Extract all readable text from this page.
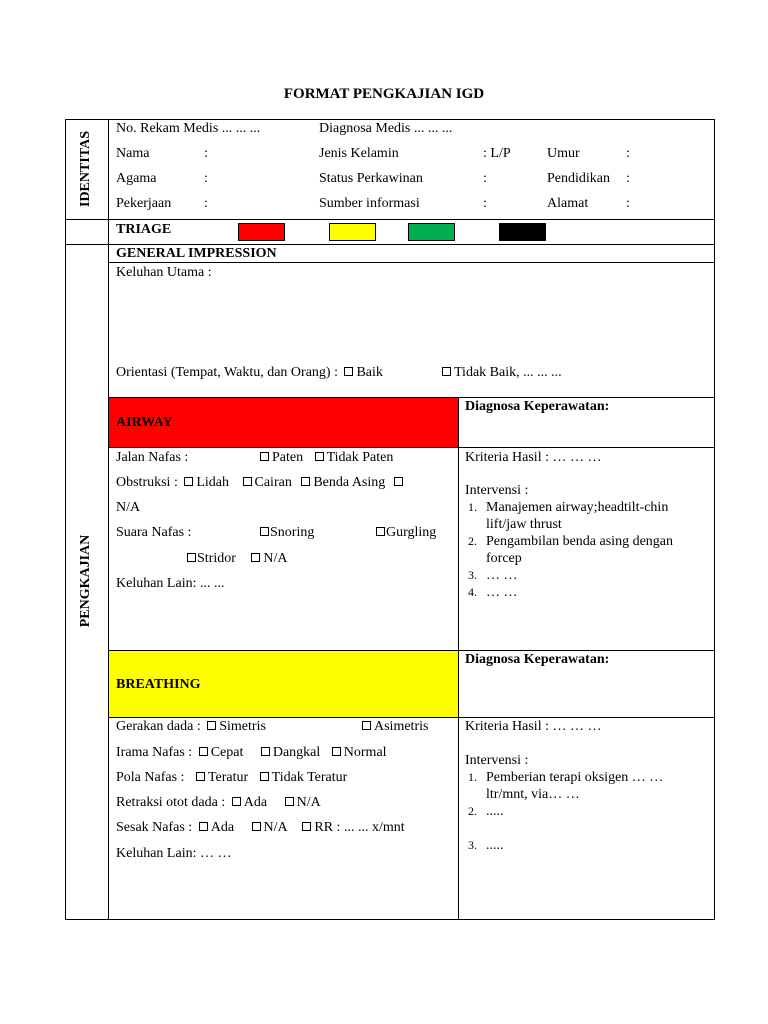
FORMAT PENGKAJIAN IGD
IDENTITAS
PENGKAJIAN
No. Rekam Medis ... ... ...	Diagnosa Medis ... ... ...
Nama	:	Jenis Kelamin	: L/P	Umur	:
Agama	:	Status Perkawinan	:	Pendidikan :
Pekerjaan :	Sumber informasi	:	Alamat	:
TRIAGE
GENERAL IMPRESSION
Keluhan Utama :
Orientasi (Tempat, Waktu, dan Orang) : Baik	Tidak Baik, ... ... ...
AIRWAY
Diagnosa Keperawatan:
Jalan Nafas :	Paten Tidak Paten
Obstruksi : Lidah Cairan Benda Asing
N/A
Suara Nafas :	Snoring	Gurgling
Stridor N/A
Keluhan Lain: ... ...
Kriteria Hasil : … … …
Intervensi :
1. Manajemen airway;headtilt-chin lift/jaw thrust
2. Pengambilan benda asing dengan forcep
3. … …
4. … …
BREATHING
Diagnosa Keperawatan:
Gerakan dada : Simetris	Asimetris
Irama Nafas : Cepat Dangkal Normal
Pola Nafas : Teratur Tidak Teratur
Retraksi otot dada : Ada N/A
Sesak Nafas : Ada N/A RR : ... ... x/mnt
Keluhan Lain: … …
Kriteria Hasil : … … …
Intervensi :
1. Pemberian terapi oksigen … … ltr/mnt, via… …
2. .....
3. .....
